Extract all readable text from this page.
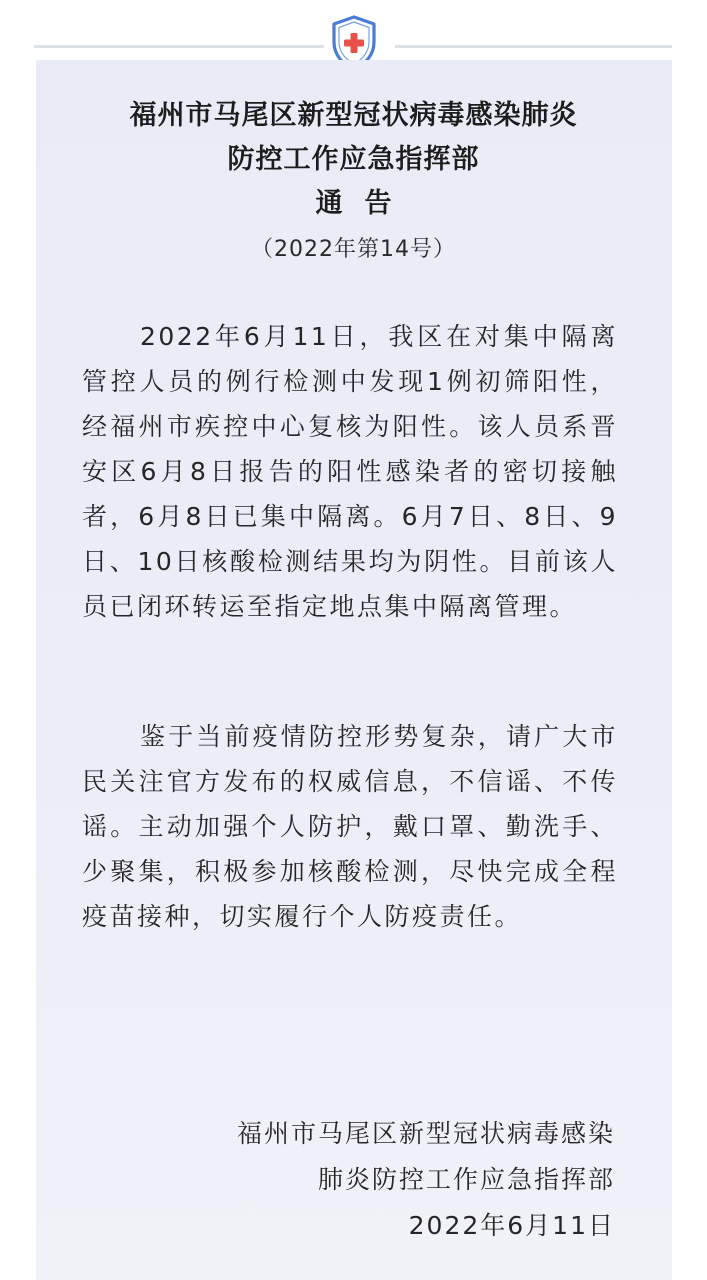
福州市马尾区新型冠状病毒感染肺炎
防控工作应急指挥部
通告
（2022年第14号）

2022年6月11日，我区在对集中隔离管控人员的例行检测中发现1例初筛阳性，经福州市疾控中心复核为阳性。该人员系晋安区6月8日报告的阳性感染者的密切接触者，6月8日已集中隔离。6月7日、8日、9日、10日核酸检测结果均为阴性。目前该人员已闭环转运至指定地点集中隔离管理。

鉴于当前疫情防控形势复杂，请广大市民关注官方发布的权威信息，不信谣、不传谣。主动加强个人防护，戴口罩、勤洗手、少聚集，积极参加核酸检测，尽快完成全程疫苗接种，切实履行个人防疫责任。

福州市马尾区新型冠状病毒感染
肺炎防控工作应急指挥部
2022年6月11日
